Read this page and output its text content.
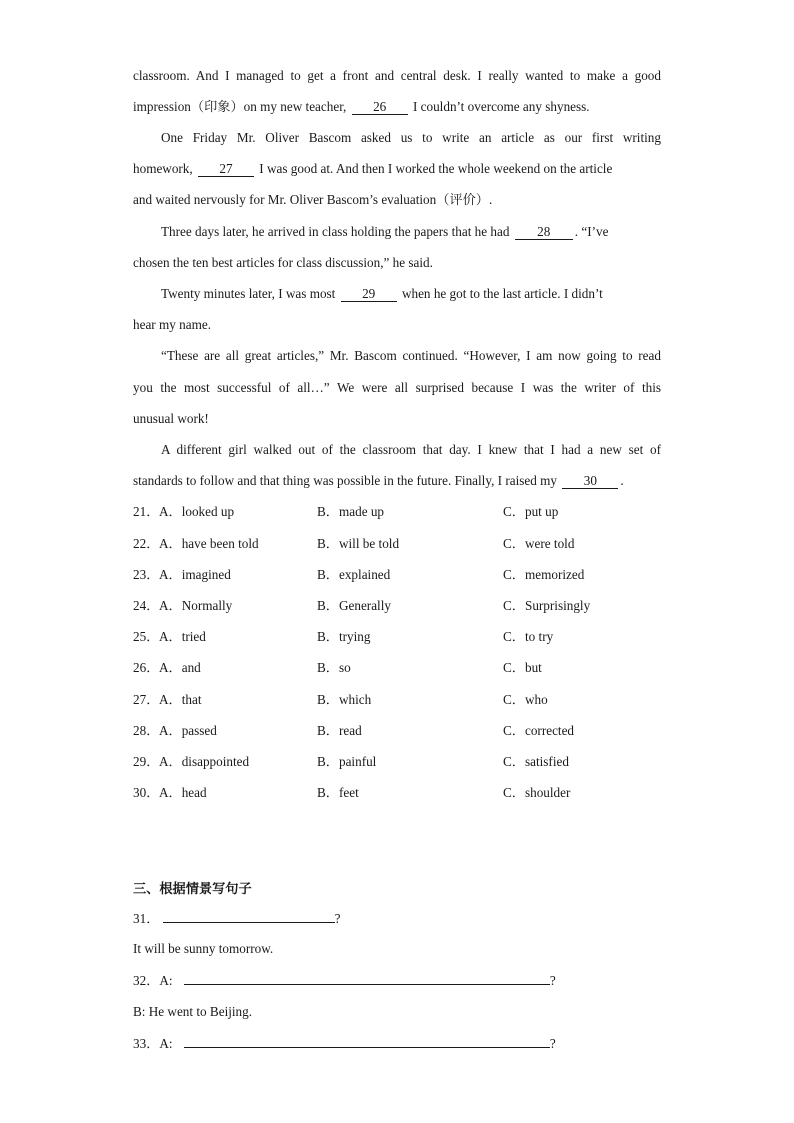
classroom. And I managed to get a front and central desk. I really wanted to make a good
impression（印象）on my new teacher, 26 I couldn’t overcome any shyness.
One Friday Mr. Oliver Bascom asked us to write an article as our first writing
homework, 27 I was good at. And then I worked the whole weekend on the article
and waited nervously for Mr. Oliver Bascom’s evaluation（评价）.
Three days later, he arrived in class holding the papers that he had 28 . “I’ve
chosen the ten best articles for class discussion,” he said.
Twenty minutes later, I was most 29 when he got to the last article. I didn’t
hear my name.
“These are all great articles,” Mr. Bascom continued. “However, I am now going to read
you the most successful of all…” We were all surprised because I was the writer of this
unusual work!
A different girl walked out of the classroom that day. I knew that I had a new set of
standards to follow and that thing was possible in the future. Finally, I raised my 30 .
21． A．looked up	B．made up	C．put up
22． A．have been told	B．will be told	C．were told
23． A．imagined	B．explained	C．memorized
24． A．Normally	B．Generally	C．Surprisingly
25． A．tried	B．trying	C．to try
26． A．and	B．so	C．but
27． A．that	B．which	C．who
28． A．passed	B．read	C．corrected
29． A．disappointed	B．painful	C．satisfied
30． A．head	B．feet	C．shoulder
三、根据情景写句子
31．	?
It will be sunny tomorrow.
32．A:	?
B: He went to Beijing.
33．A:	?
